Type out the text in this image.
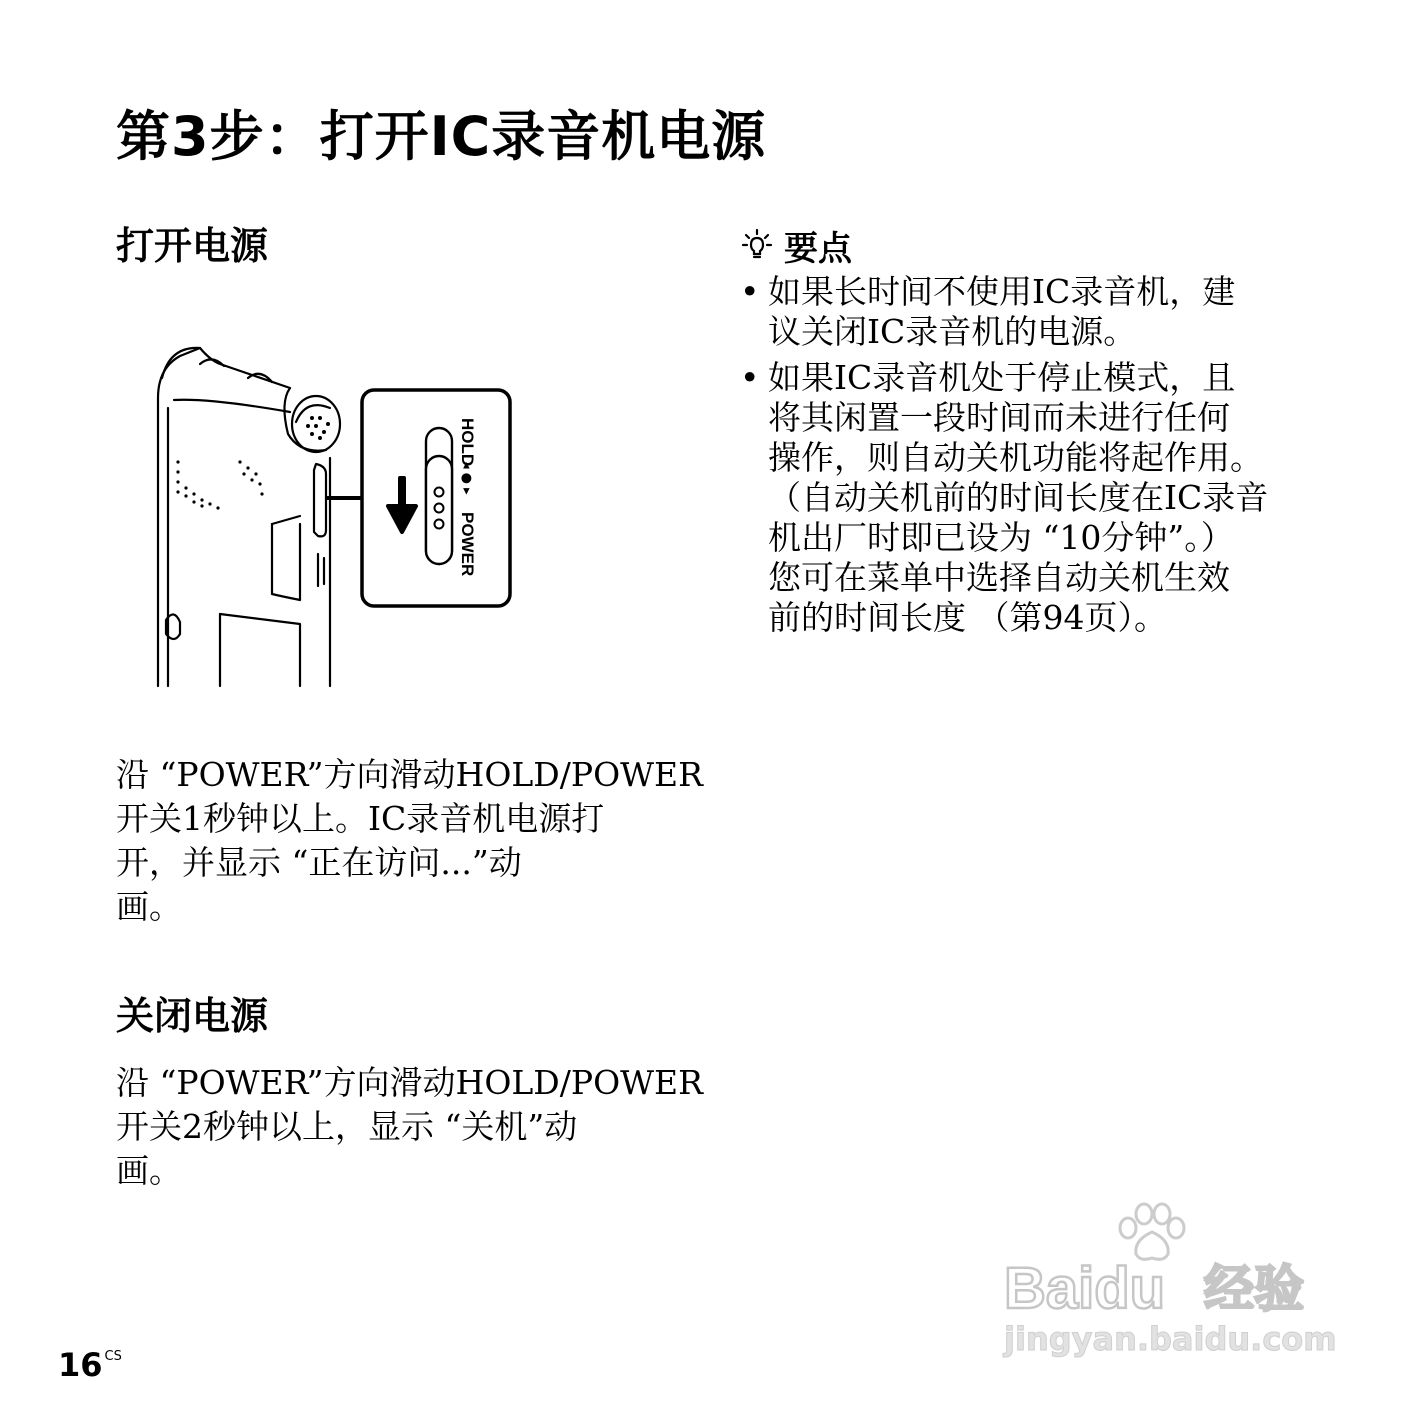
第3步：打开IC录音机电源
打开电源
HOLD
◂ ● ▸
POWER
沿 “POWER”方向滑动HOLD/POWER
开关1秒钟以上。IC录音机电源打
开，并显示 “正在访问...”动
画。
关闭电源
沿 “POWER”方向滑动HOLD/POWER
开关2秒钟以上，显示 “关机”动
画。
要点
• 如果长时间不使用IC录音机，建
议关闭IC录音机的电源。
• 如果IC录音机处于停止模式，且
将其闲置一段时间而未进行任何
操作，则自动关机功能将起作用。
（自动关机前的时间长度在IC录音
机出厂时即已设为 “10分钟”。）
您可在菜单中选择自动关机生效
前的时间长度 （第94页）。
16 $^{CS}$
Baidu 经验
jingyan.baidu.com
